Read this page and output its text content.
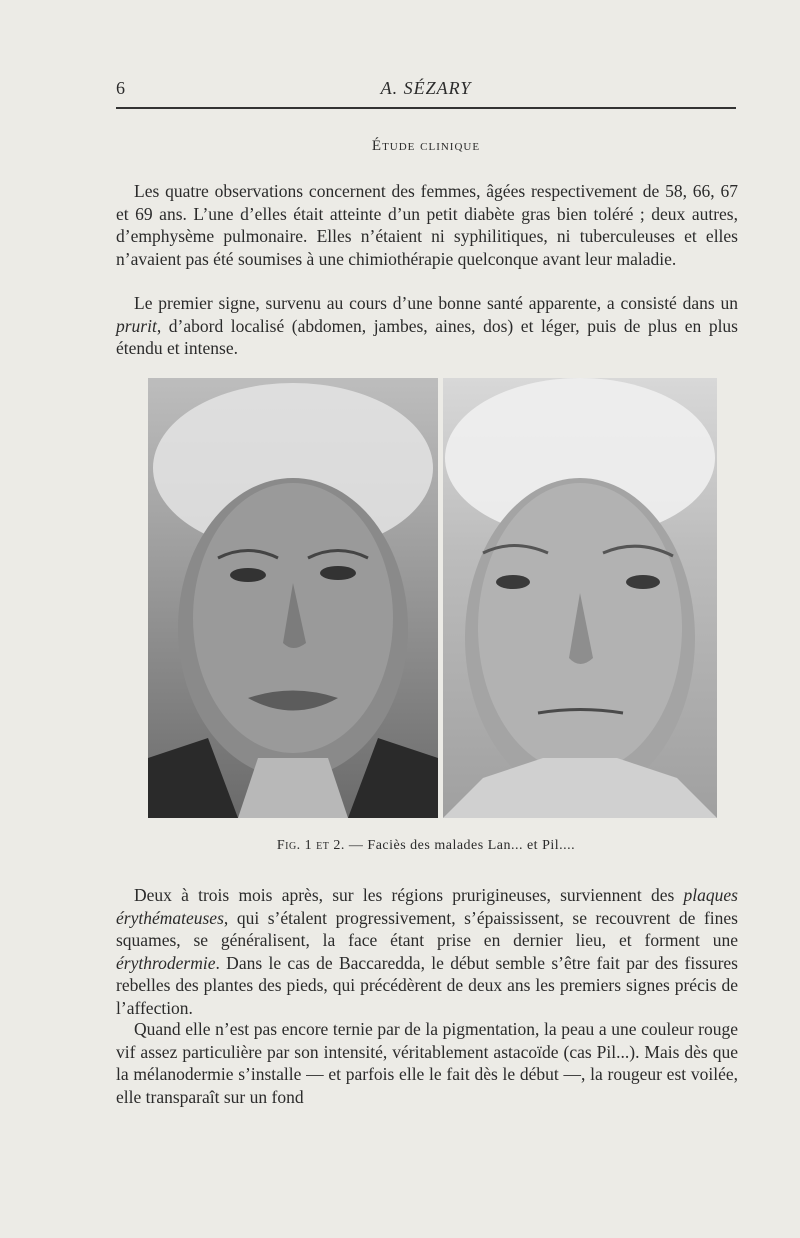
6	A. SÉZARY
Étude clinique

Les quatre observations concernent des femmes, âgées respectivement de 58, 66, 67 et 69 ans. L’une d’elles était atteinte d’un petit diabète gras bien toléré ; deux autres, d’emphysème pulmonaire. Elles n’étaient ni syphilitiques, ni tuberculeuses et elles n’avaient pas été soumises à une chimiothérapie quelconque avant leur maladie.

Le premier signe, survenu au cours d’une bonne santé apparente, a consisté dans un prurit, d’abord localisé (abdomen, jambes, aines, dos) et léger, puis de plus en plus étendu et intense.

Fig. 1 et 2. — Faciès des malades Lan... et Pil....

Deux à trois mois après, sur les régions prurigineuses, surviennent des plaques érythémateuses, qui s’étalent progressivement, s’épaississent, se recouvrent de fines squames, se généralisent, la face étant prise en dernier lieu, et forment une érythrodermie. Dans le cas de Baccaredda, le début semble s’être fait par des fissures rebelles des plantes des pieds, qui précédèrent de deux ans les premiers signes précis de l’affection.

Quand elle n’est pas encore ternie par de la pigmentation, la peau a une couleur rouge vif assez particulière par son intensité, véritablement astacoïde (cas Pil...). Mais dès que la mélanodermie s’installe — et parfois elle le fait dès le début —, la rougeur est voilée, elle transparaît sur un fond
